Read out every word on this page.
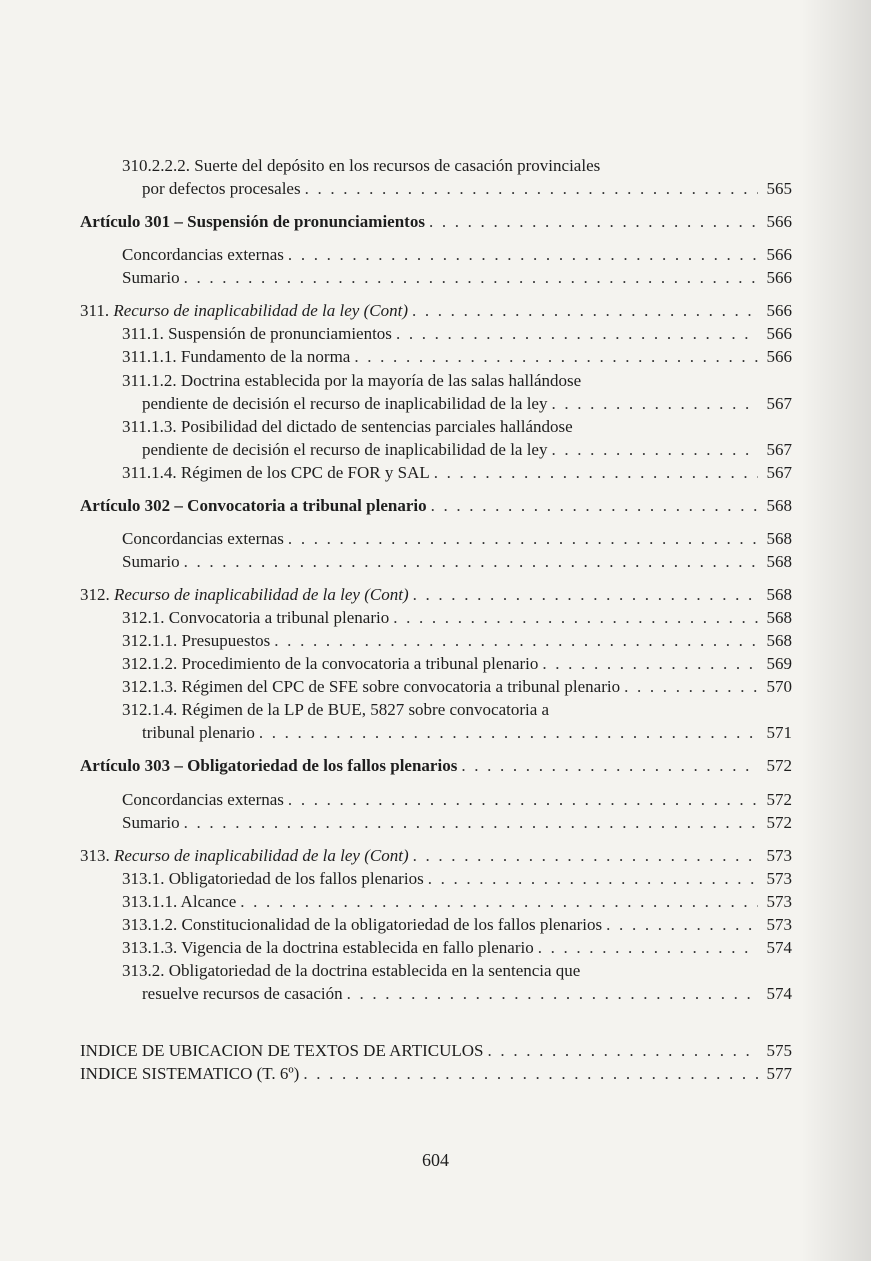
310.2.2.2. Suerte del depósito en los recursos de casación provinciales
por defectos procesales . . .	565
Artículo 301 – Suspensión de pronunciamientos . . .	566
Concordancias externas . . .	566
Sumario . . .	566
311. Recurso de inaplicabilidad de la ley (Cont) . . .	566
311.1. Suspensión de pronunciamientos . . .	566
311.1.1. Fundamento de la norma . . .	566
311.1.2. Doctrina establecida por la mayoría de las salas hallándose
pendiente de decisión el recurso de inaplicabilidad de la ley . . .	567
311.1.3. Posibilidad del dictado de sentencias parciales hallándose
pendiente de decisión el recurso de inaplicabilidad de la ley . . .	567
311.1.4. Régimen de los CPC de FOR y SAL . . .	567
Artículo 302 – Convocatoria a tribunal plenario . . .	568
Concordancias externas . . .	568
Sumario . . .	568
312. Recurso de inaplicabilidad de la ley (Cont) . . .	568
312.1. Convocatoria a tribunal plenario . . .	568
312.1.1. Presupuestos . . .	568
312.1.2. Procedimiento de la convocatoria a tribunal plenario . . .	569
312.1.3. Régimen del CPC de SFE sobre convocatoria a tribunal plenario . . .	570
312.1.4. Régimen de la LP de BUE, 5827 sobre convocatoria a
tribunal plenario . . .	571
Artículo 303 – Obligatoriedad de los fallos plenarios . . .	572
Concordancias externas . . .	572
Sumario . . .	572
313. Recurso de inaplicabilidad de la ley (Cont) . . .	573
313.1. Obligatoriedad de los fallos plenarios . . .	573
313.1.1. Alcance . . .	573
313.1.2. Constitucionalidad de la obligatoriedad de los fallos plenarios . . .	573
313.1.3. Vigencia de la doctrina establecida en fallo plenario . . .	574
313.2. Obligatoriedad de la doctrina establecida en la sentencia que
resuelve recursos de casación . . .	574
INDICE DE UBICACION DE TEXTOS DE ARTICULOS . . .	575
INDICE SISTEMATICO (T. 6º) . . .	577
604
